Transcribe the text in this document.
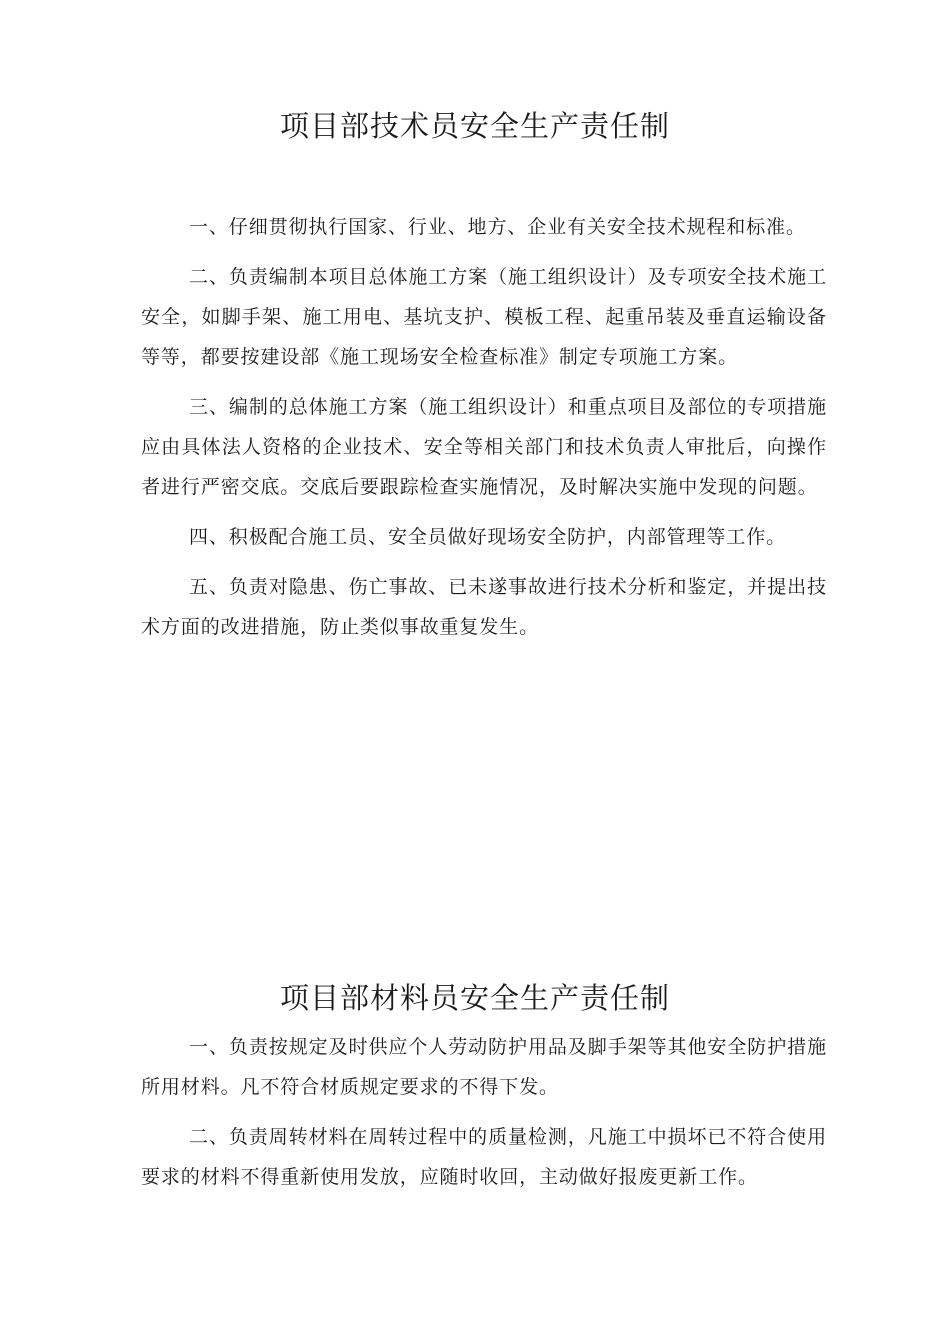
项目部技术员安全生产责任制

一、仔细贯彻执行国家、行业、地方、企业有关安全技术规程和标准。

二、负责编制本项目总体施工方案（施工组织设计）及专项安全技术施工安全，如脚手架、施工用电、基坑支护、模板工程、起重吊装及垂直运输设备等等，都要按建设部《施工现场安全检查标准》制定专项施工方案。

三、编制的总体施工方案（施工组织设计）和重点项目及部位的专项措施应由具体法人资格的企业技术、安全等相关部门和技术负责人审批后，向操作者进行严密交底。交底后要跟踪检查实施情况，及时解决实施中发现的问题。

四、积极配合施工员、安全员做好现场安全防护，内部管理等工作。

五、负责对隐患、伤亡事故、已未遂事故进行技术分析和鉴定，并提出技术方面的改进措施，防止类似事故重复发生。

项目部材料员安全生产责任制

一、负责按规定及时供应个人劳动防护用品及脚手架等其他安全防护措施所用材料。凡不符合材质规定要求的不得下发。

二、负责周转材料在周转过程中的质量检测，凡施工中损坏已不符合使用要求的材料不得重新使用发放，应随时收回，主动做好报废更新工作。
